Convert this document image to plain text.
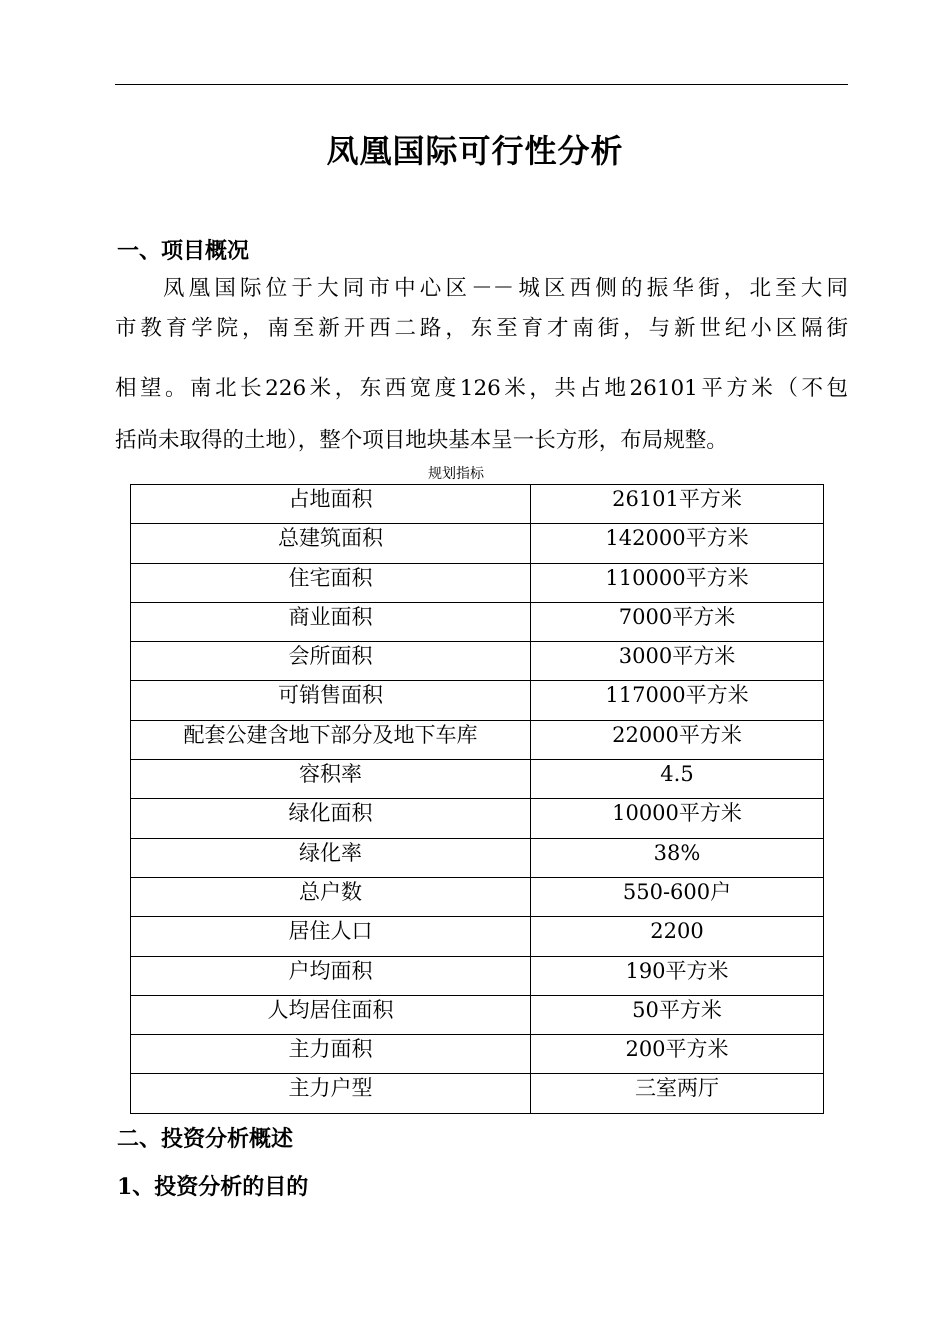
凤凰国际可行性分析
一、项目概况

凤凰国际位于大同市中心区－－城区西侧的振华街，北至大同

市教育学院，南至新开西二路，东至育才南街，与新世纪小区隔街

相望。南北长226米，东西宽度126米，共占地26101平方米（不包

括尚未取得的土地），整个项目地块基本呈一长方形，布局规整。

规划指标
占地面积	26101平方米
总建筑面积	142000平方米
住宅面积	110000平方米
商业面积	7000平方米
会所面积	3000平方米
可销售面积	117000平方米
配套公建含地下部分及地下车库	22000平方米
容积率	4.5
绿化面积	10000平方米
绿化率	38%
总户数	550-600户
居住人口	2200
户均面积	190平方米
人均居住面积	50平方米
主力面积	200平方米
主力户型	三室两厅
二、投资分析概述
1、投资分析的目的
